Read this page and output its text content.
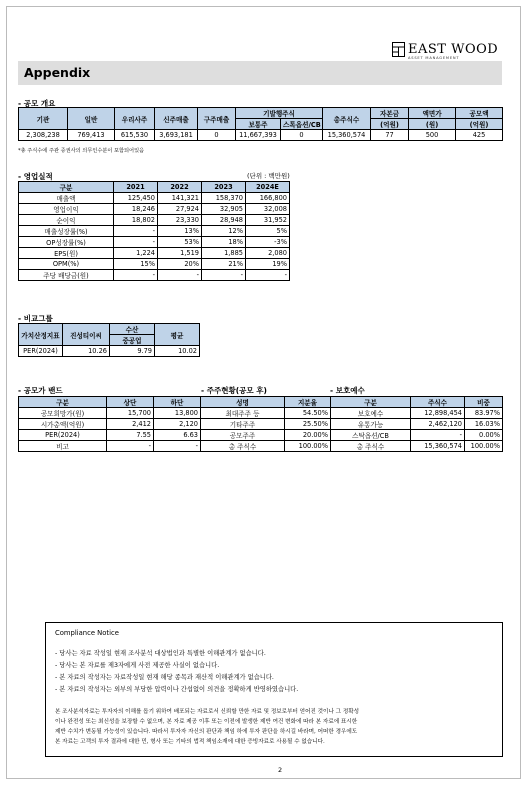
EAST WOOD
ASSET MANAGEMENT
Appendix
- 공모 개요
기관	일반	우리사주	신주매출	구주매출	기발행주식		총주식수	자본금	액면가	공모액
					보통주	스톡옵션/CB		(억원)	(원)	(억원)
2,308,238	769,413	615,530	3,693,181	0	11,667,393	0	15,360,574	77	500	425
*총 주식수에 주관 증권사의 의무인수분이 포함되어있음
- 영업실적	(단위 : 백만원)
구분	2021	2022	2023	2024E
매출액	125,450	141,321	158,370	166,800
영업이익	18,246	27,924	32,905	32,008
순이익	18,802	23,330	28,948	31,952
매출성장률(%)	-	13%	12%	5%
OP성장률(%)	-	53%	18%	-3%
EPS(원)	1,224	1,519	1,885	2,080
OPM(%)	15%	20%	21%	19%
주당 배당금(원)	-	-	-	-
- 비교그룹
가치산정지표	진성티이씨	수산	평균
		중공업	
PER(2024)	10.26	9.79	10.02
- 공모가 밴드
구분	상단	하단
공모희망가(원)	15,700	13,800
시가총액(억원)	2,412	2,120
PER(2024)	7.55	6.63
비고	-	-
- 주주현황(공모 후)
성명	지분율
최대주주 등	54.50%
기타주주	25.50%
공모주주	20.00%
총 주식수	100.00%
- 보호예수
구분	주식수	비중
보호예수	12,898,454	83.97%
유통가능	2,462,120	16.03%
스탁옵션/CB	-	0.00%
총 주식수	15,360,574	100.00%
Compliance Notice
- 당사는 자료 작성일 현재 조사분석 대상법인과 특별한 이해관계가 없습니다.
- 당사는 본 자료를 제3자에게 사전 제공한 사실이 없습니다.
- 본 자료의 작성자는 자료작성일 현재 해당 종목과 재산적 이해관계가 없습니다.
- 본 자료의 작성자는 외부의 부당한 압력이나 간섭없이 의견을 정확하게 반영하였습니다.
본 조사분석자료는 투자자의 이해를 돕기 위하여 배포되는 자료로서 신뢰할 만한 자료 및 정보로부터 얻어진 것이나 그 정확성
이나 완전성 또는 최신성을 보장할 수 없으며, 본 자료 제공 이후 또는 이전에 발생한 제반 여건 변화에 따라 본 자료에 표시한
제반 수치가 변동될 가능성이 있습니다. 따라서 투자자 자신의 판단과 책임 하에 투자 판단을 하시길 바라며, 어떠한 경우에도
본 자료는 고객의 투자 결과에 대한 민, 형사 또는 기타의 법적 책임소재에 대한 증빙자료로 사용될 수 없습니다.
2
